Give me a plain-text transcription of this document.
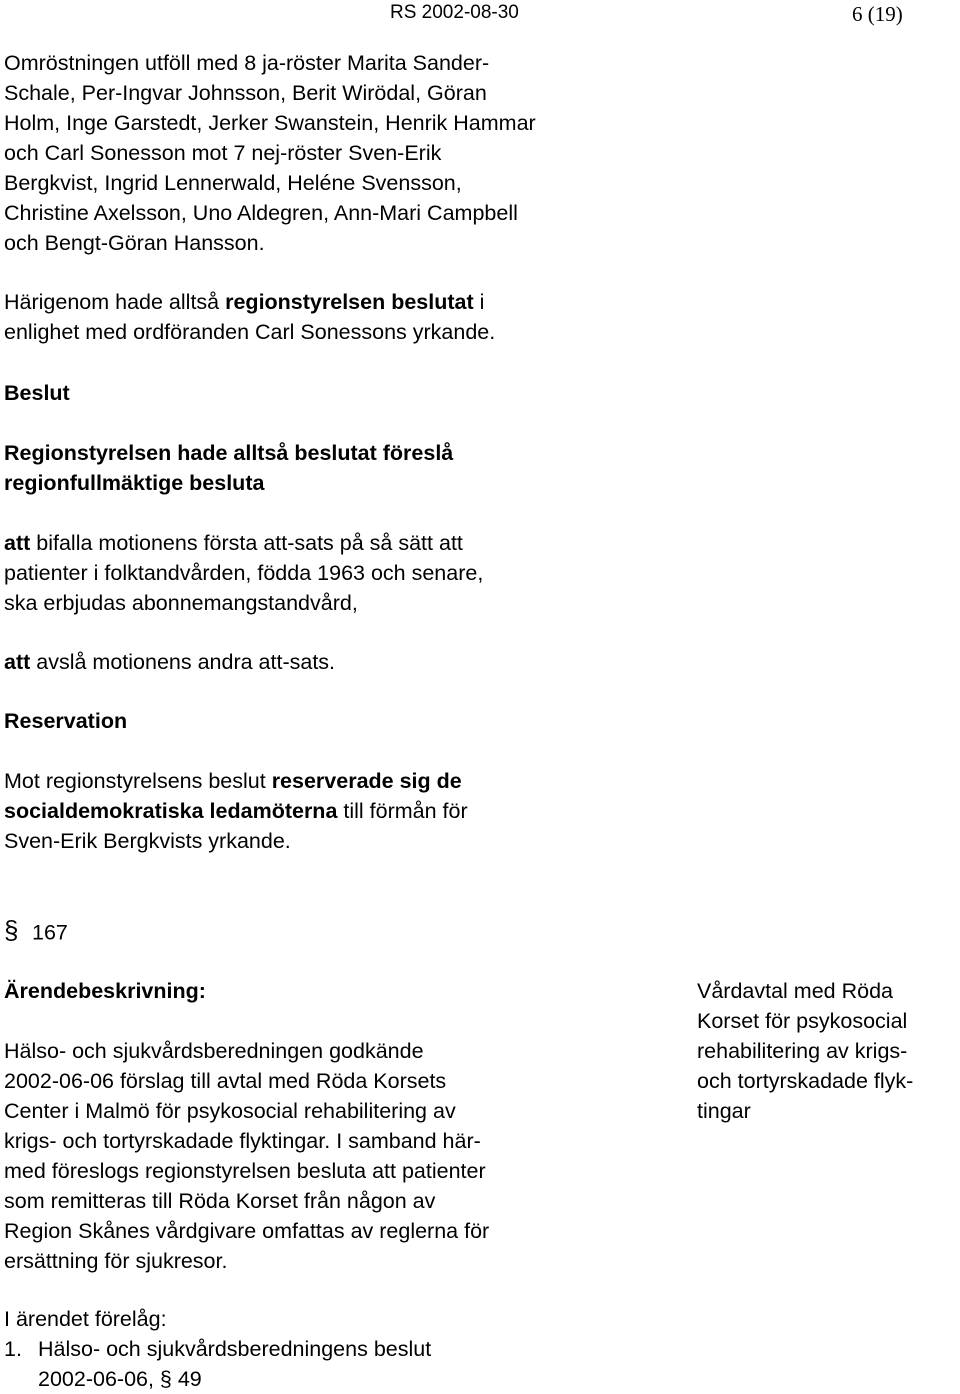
RS 2002-08-30	6 (19)

Omröstningen utföll med 8 ja-röster Marita Sander-
Schale, Per-Ingvar Johnsson, Berit Wirödal, Göran
Holm, Inge Garstedt, Jerker Swanstein, Henrik Hammar
och Carl Sonesson mot 7 nej-röster Sven-Erik
Bergkvist, Ingrid Lennerwald, Heléne Svensson,
Christine Axelsson, Uno Aldegren, Ann-Mari Campbell
och Bengt-Göran Hansson.

Härigenom hade alltså regionstyrelsen beslutat i
enlighet med ordföranden Carl Sonessons yrkande.

Beslut

Regionstyrelsen hade alltså beslutat föreslå
regionfullmäktige besluta

att bifalla motionens första att-sats på så sätt att
patienter i folktandvården, födda 1963 och senare,
ska erbjudas abonnemangstandvård,

att avslå motionens andra att-sats.

Reservation

Mot regionstyrelsens beslut reserverade sig de
socialdemokratiska ledamöterna till förmån för
Sven-Erik Bergkvists yrkande.

§ 167
Ärendebeskrivning:	Vårdavtal med Röda
Korset för psykosocial
rehabilitering av krigs-
och tortyrskadade flyk-
tingar

Hälso- och sjukvårdsberedningen godkände
2002-06-06 förslag till avtal med Röda Korsets
Center i Malmö för psykosocial rehabilitering av
krigs- och tortyrskadade flyktingar. I samband här-
med föreslogs regionstyrelsen besluta att patienter
som remitteras till Röda Korset från någon av
Region Skånes vårdgivare omfattas av reglerna för
ersättning för sjukresor.

I ärendet förelåg:
1. Hälso- och sjukvårdsberedningens beslut
2002-06-06, § 49
